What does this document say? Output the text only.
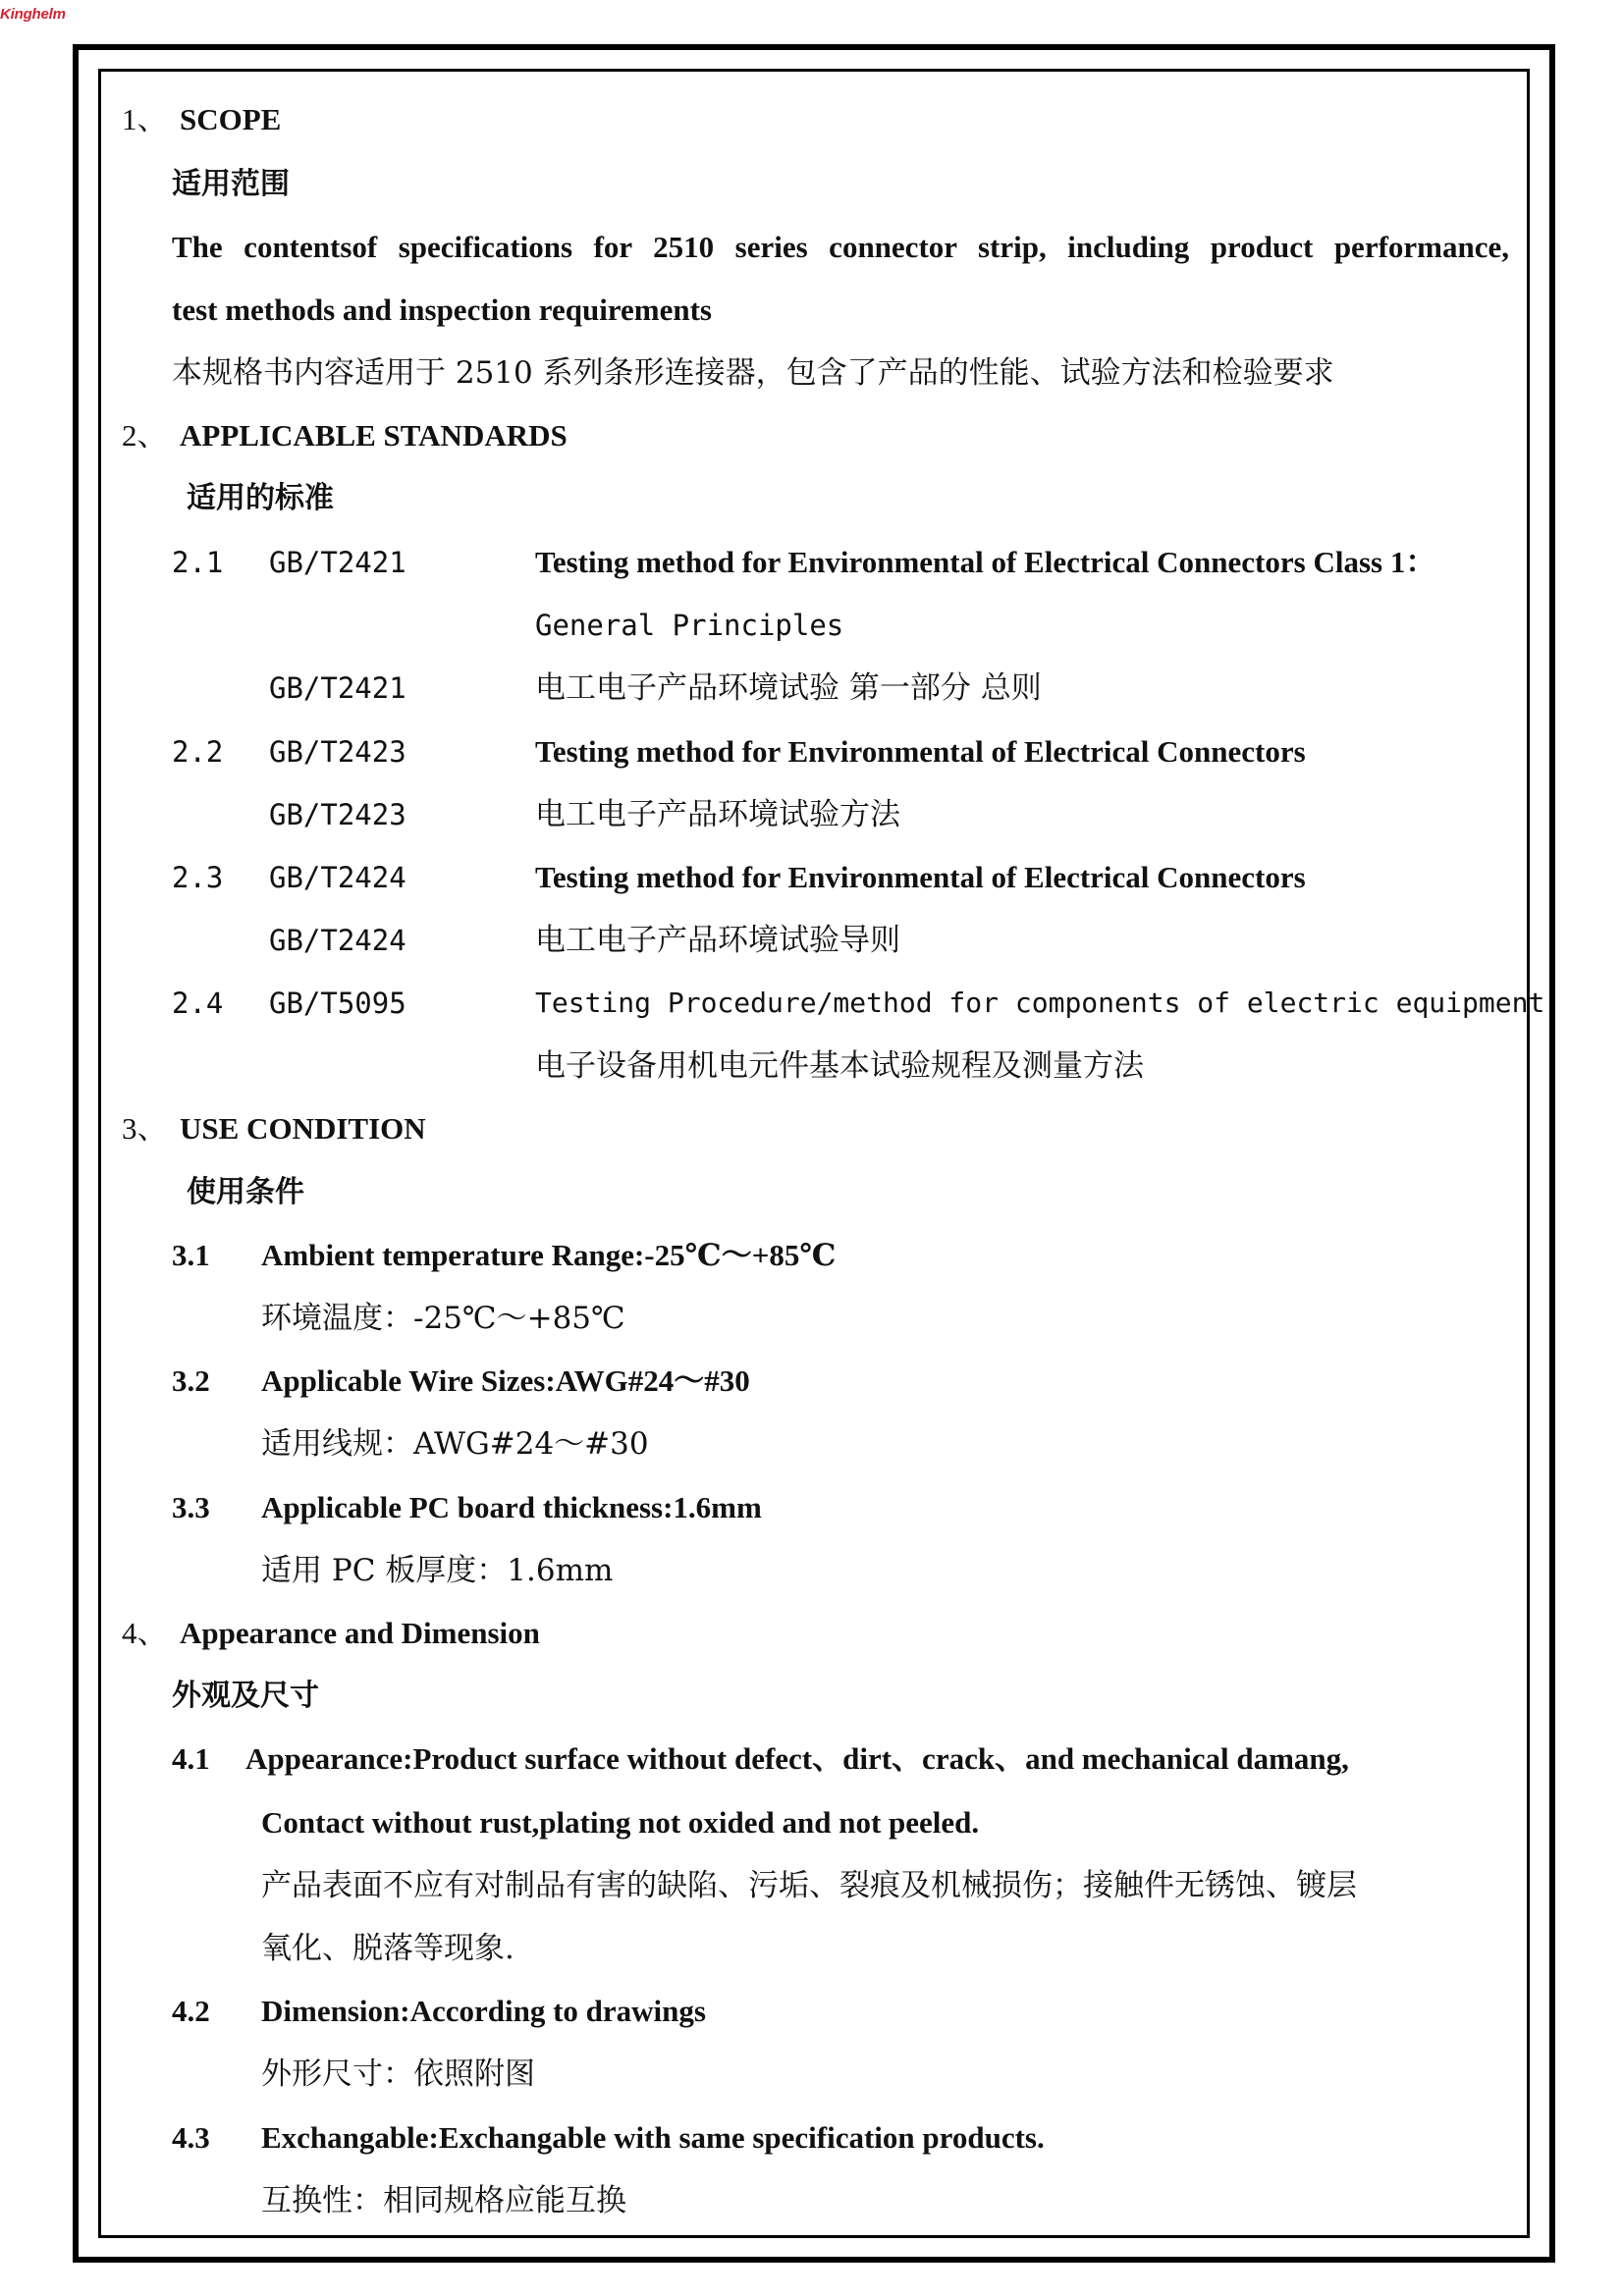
Kinghelm
1、 SCOPE
适用范围
The contentsof specifications for 2510 series connector strip, including product performance,
test methods and inspection requirements
本规格书内容适用于 2510 系列条形连接器，包含了产品的性能、试验方法和检验要求
2、 APPLICABLE STANDARDS
适用的标准
2.1 GB/T2421	Testing method for Environmental of Electrical Connectors Class 1：
General Principles
GB/T2421	电工电子产品环境试验 第一部分 总则
2.2 GB/T2423	Testing method for Environmental of Electrical Connectors
GB/T2423	电工电子产品环境试验方法
2.3 GB/T2424	Testing method for Environmental of Electrical Connectors
GB/T2424	电工电子产品环境试验导则
2.4 GB/T5095	Testing Procedure/method for components of electric equipment
电子设备用机电元件基本试验规程及测量方法
3、 USE CONDITION
使用条件
3.1 Ambient temperature Range:-25℃～+85℃
环境温度：-25℃～+85℃
3.2 Applicable Wire Sizes:AWG#24～#30
适用线规：AWG#24～#30
3.3 Applicable PC board thickness:1.6mm
适用 PC 板厚度：1.6mm
4、 Appearance and Dimension
外观及尺寸
4.1 Appearance:Product surface without defect、dirt、crack、and mechanical damang,
Contact without rust,plating not oxided and not peeled.
产品表面不应有对制品有害的缺陷、污垢、裂痕及机械损伤；接触件无锈蚀、镀层
氧化、脱落等现象.
4.2 Dimension:According to drawings
外形尺寸：依照附图
4.3 Exchangable:Exchangable with same specification products.
互换性：相同规格应能互换
